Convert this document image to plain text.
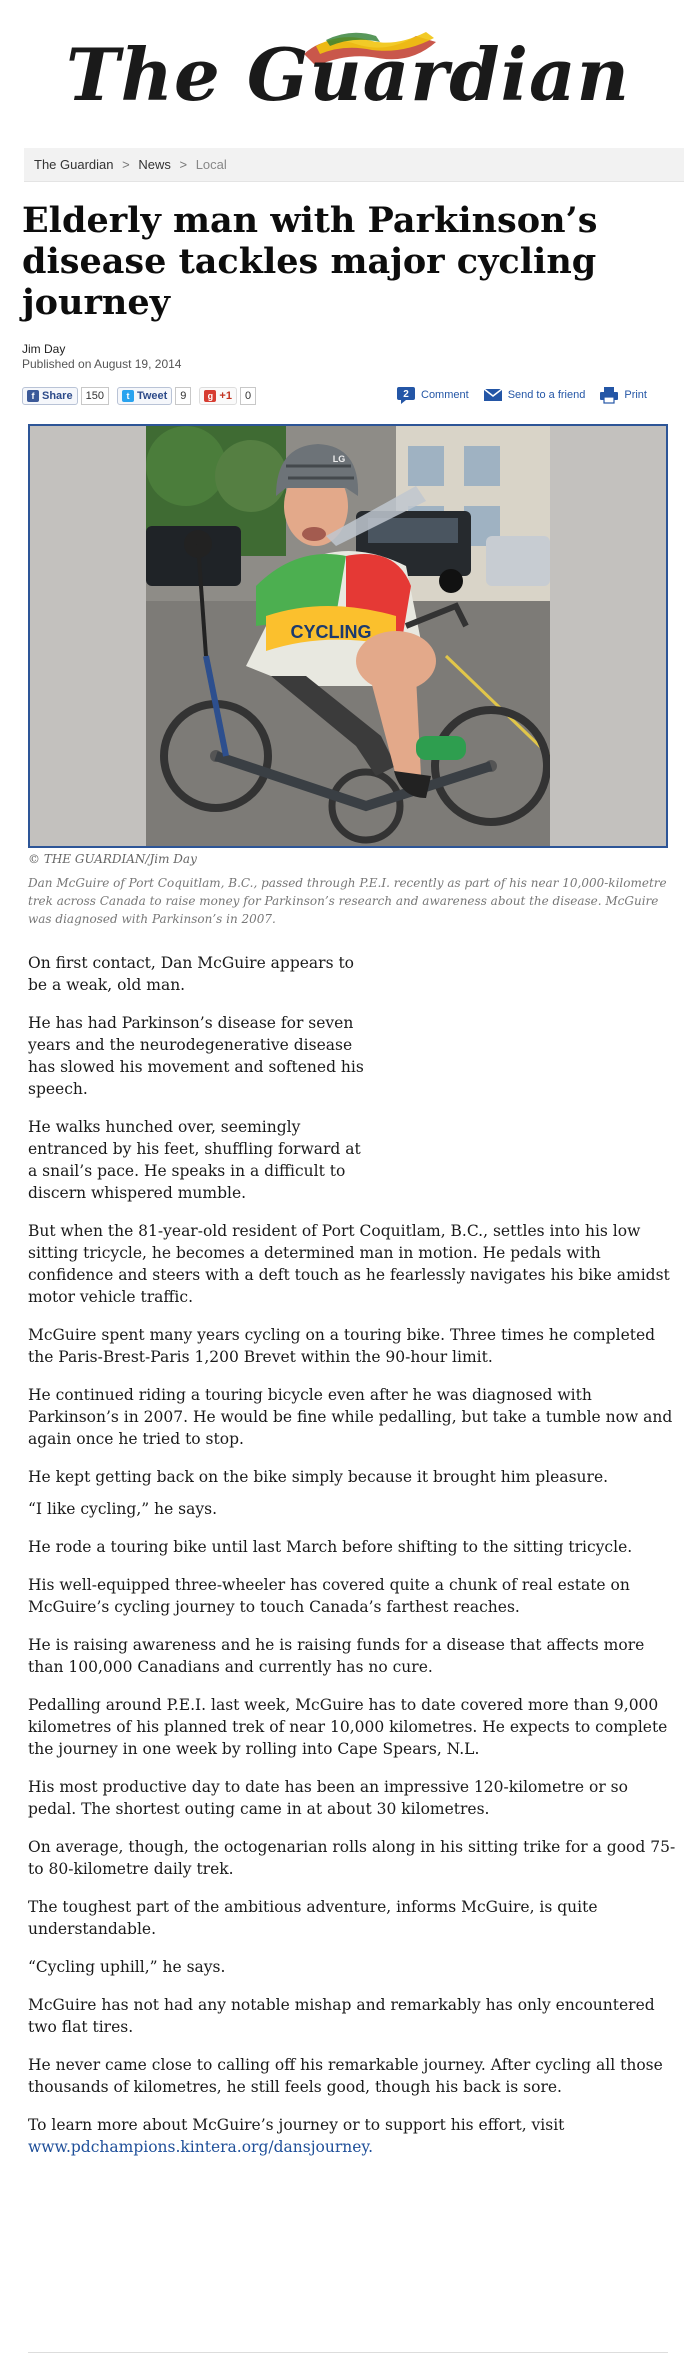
The Guardian
The Guardian > News > Local
Elderly man with Parkinson’s disease tackles major cycling journey
Jim Day
Published on August 19, 2014
f Share	150	t Tweet	9	g +1	0	2 Comment	Send to a friend	Print
CYCLING
LG
© THE GUARDIAN/Jim Day
Dan McGuire of Port Coquitlam, B.C., passed through P.E.I. recently as part of his near 10,000-kilometre trek across Canada to raise money for Parkinson’s research and awareness about the disease. McGuire was diagnosed with Parkinson’s in 2007.

On first contact, Dan McGuire appears to be a weak, old man.

He has had Parkinson’s disease for seven years and the neurodegenerative disease has slowed his movement and softened his speech.

He walks hunched over, seemingly entranced by his feet, shuffling forward at a snail’s pace. He speaks in a difficult to discern whispered mumble.

But when the 81-year-old resident of Port Coquitlam, B.C., settles into his low sitting tricycle, he becomes a determined man in motion. He pedals with confidence and steers with a deft touch as he fearlessly navigates his bike amidst motor vehicle traffic.

McGuire spent many years cycling on a touring bike. Three times he completed the Paris-Brest-Paris 1,200 Brevet within the 90-hour limit.

He continued riding a touring bicycle even after he was diagnosed with Parkinson’s in 2007. He would be fine while pedalling, but take a tumble now and again once he tried to stop.

He kept getting back on the bike simply because it brought him pleasure.

“I like cycling,” he says.

He rode a touring bike until last March before shifting to the sitting tricycle.

His well-equipped three-wheeler has covered quite a chunk of real estate on McGuire’s cycling journey to touch Canada’s farthest reaches.

He is raising awareness and he is raising funds for a disease that affects more than 100,000 Canadians and currently has no cure.

Pedalling around P.E.I. last week, McGuire has to date covered more than 9,000 kilometres of his planned trek of near 10,000 kilometres. He expects to complete the journey in one week by rolling into Cape Spears, N.L.

His most productive day to date has been an impressive 120-kilometre or so pedal. The shortest outing came in at about 30 kilometres.

On average, though, the octogenarian rolls along in his sitting trike for a good 75- to 80-kilometre daily trek.

The toughest part of the ambitious adventure, informs McGuire, is quite understandable.

“Cycling uphill,” he says.

McGuire has not had any notable mishap and remarkably has only encountered two flat tires.

He never came close to calling off his remarkable journey. After cycling all those thousands of kilometres, he still feels good, though his back is sore.

To learn more about McGuire’s journey or to support his effort, visit
www.pdchampions.kintera.org/dansjourney.
